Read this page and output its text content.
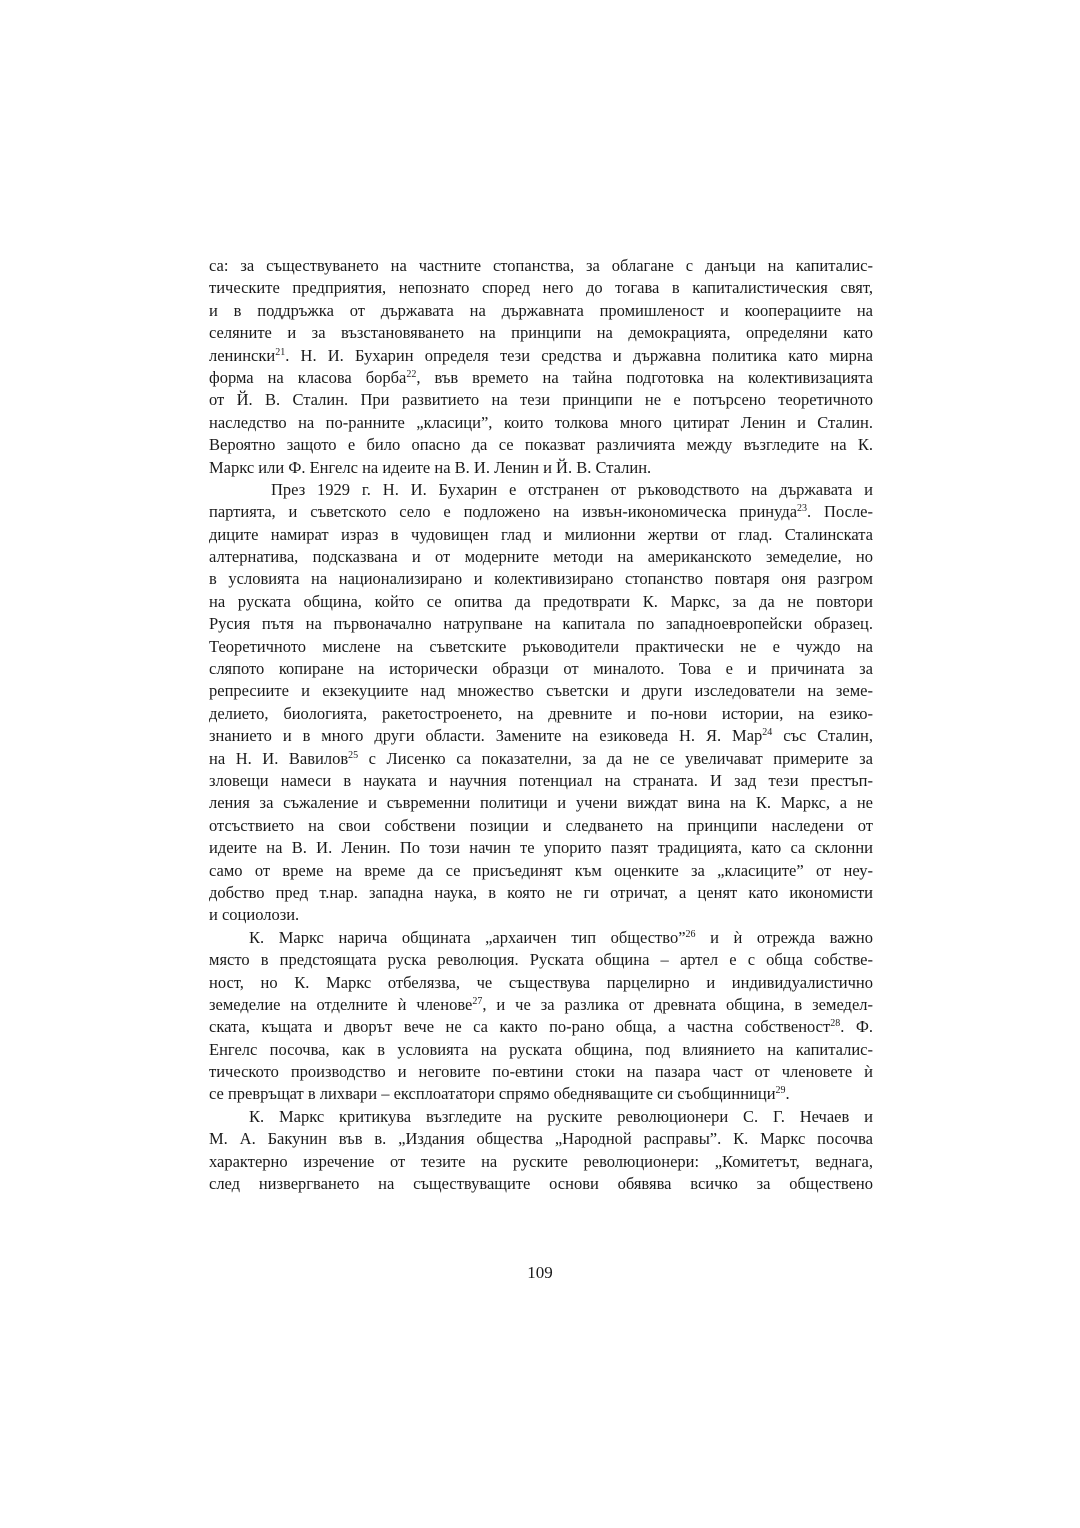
са: за съществуването на частните стопанства, за облагане с данъци на капиталис-
тическите предприятия, непознато според него до тогава в капиталистическия свят,
и в поддръжка от държавата на държавната промишленост и кооперациите на
селяните и за възстановяването на принципи на демокрацията, определяни като
ленински$^{21}$. Н. И. Бухарин определя тези средства и държавна политика като мирна
форма на класова борба$^{22}$, във времето на тайна подготовка на колективизацията
от Й. В. Сталин. При развитието на тези принципи не е потърсено теоретичното
наследство на по-ранните „класици”, които толкова много цитират Ленин и Сталин.
Вероятно защото е било опасно да се показват различията между възгледите на К.
Маркс или Ф. Енгелс на идеите на В. И. Ленин и Й. В. Сталин.
През 1929 г. Н. И. Бухарин е отстранен от ръководството на държавата и
партията, и съветското село е подложено на извън-икономическа принуда$^{23}$. После-
диците намират израз в чудовищен глад и милионни жертви от глад. Сталинската
алтернатива, подсказвана и от модерните методи на американското земеделие, но
в условията на национализирано и колективизирано стопанство повтаря оня разгром
на руската община, който се опитва да предотврати К. Маркс, за да не повтори
Русия пътя на първоначално натрупване на капитала по западноевропейски образец.
Теоретичното мислене на съветските ръководители практически не е чуждо на
сляпото копиране на исторически образци от миналото. Това е и причината за
репресиите и екзекуциите над множество съветски и други изследователи на земе-
делието, биологията, ракетостроенето, на древните и по-нови истории, на езико-
знанието и в много други области. Замените на езиковеда Н. Я. Мар$^{24}$ със Сталин,
на Н. И. Вавилов$^{25}$ с Лисенко са показателни, за да не се увеличават примерите за
зловещи намеси в науката и научния потенциал на страната. И зад тези престъп-
ления за съжаление и съвременни политици и учени виждат вина на К. Маркс, а не
отсъствието на свои собствени позиции и следването на принципи наследени от
идеите на В. И. Ленин. По този начин те упорито пазят традицията, като са склонни
само от време на време да се присъединят към оценките за „класиците” от неу-
добство пред т.нар. западна наука, в която не ги отричат, а ценят като икономисти
и социолози.
К. Маркс нарича общината „архаичен тип общество”$^{26}$ и ѝ отрежда важно
място в предстоящата руска революция. Руската община – артел е с обща собстве-
ност, но К. Маркс отбелязва, че съществува парцелирно и индивидуалистично
земеделие на отделните ѝ членове$^{27}$, и че за разлика от древната община, в земедел-
ската, къщата и дворът вече не са както по-рано обща, а частна собственост$^{28}$. Ф.
Енгелс посочва, как в условията на руската община, под влиянието на капиталис-
тическото производство и неговите по-евтини стоки на пазара част от членовете ѝ
се превръщат в лихвари – експлоататори спрямо обедняващите си съобщинници$^{29}$.
К. Маркс критикува възгледите на руските революционери С. Г. Нечаев и
М. А. Бакунин във в. „Издания общества „Народной расправы”. К. Маркс посочва
характерно изречение от тезите на руските революционери: „Комитетът, веднага,
след низвергването на съществуващите основи обявява всичко за обществено
109
